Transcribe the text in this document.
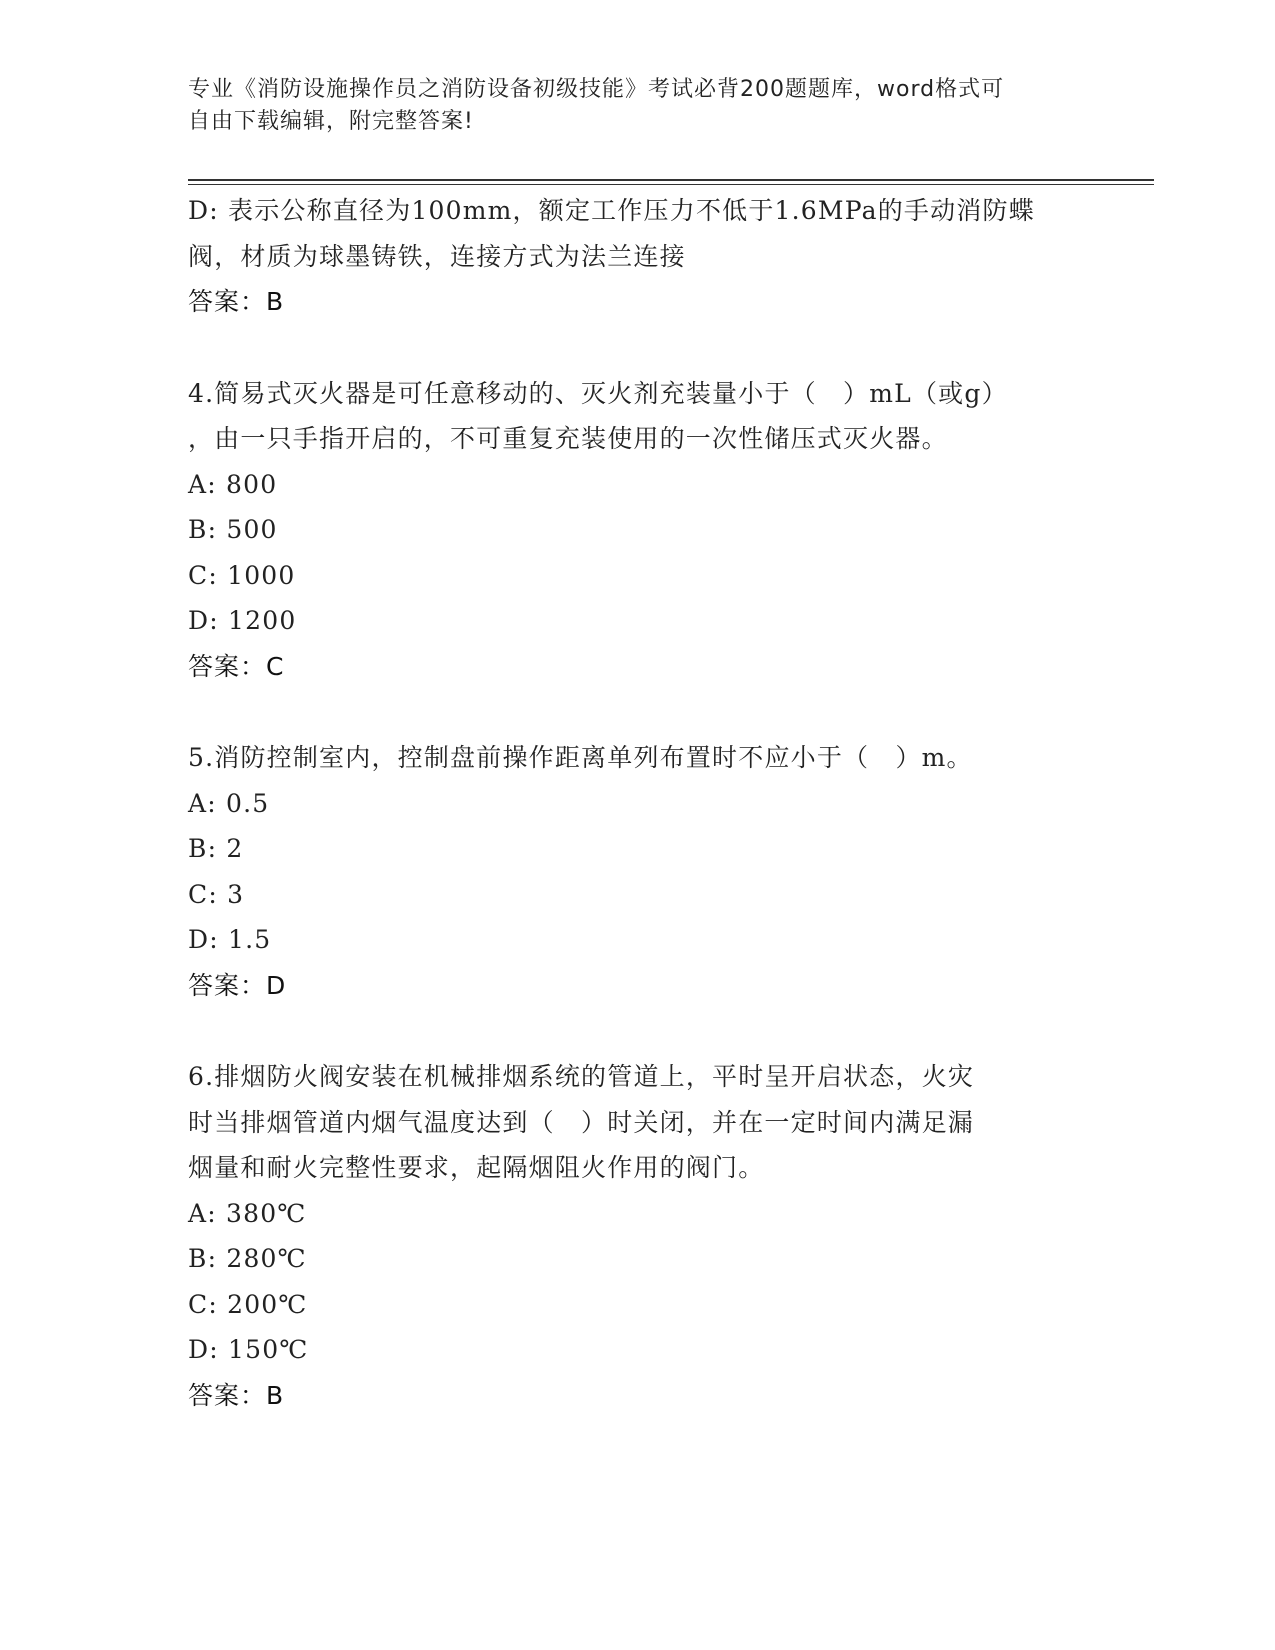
专业《消防设施操作员之消防设备初级技能》考试必背200题题库，word格式可
自由下载编辑，附完整答案!
D: 表示公称直径为100mm，额定工作压力不低于1.6MPa的手动消防蝶
阀，材质为球墨铸铁，连接方式为法兰连接
答案：B
4.简易式灭火器是可任意移动的、灭火剂充装量小于（　）mL（或g）
，由一只手指开启的，不可重复充装使用的一次性储压式灭火器。
A: 800
B: 500
C: 1000
D: 1200
答案：C
5.消防控制室内，控制盘前操作距离单列布置时不应小于（　）m。
A: 0.5
B: 2
C: 3
D: 1.5
答案：D
6.排烟防火阀安装在机械排烟系统的管道上，平时呈开启状态，火灾
时当排烟管道内烟气温度达到（　）时关闭，并在一定时间内满足漏
烟量和耐火完整性要求，起隔烟阻火作用的阀门。
A: 380℃
B: 280℃
C: 200℃
D: 150℃
答案：B
